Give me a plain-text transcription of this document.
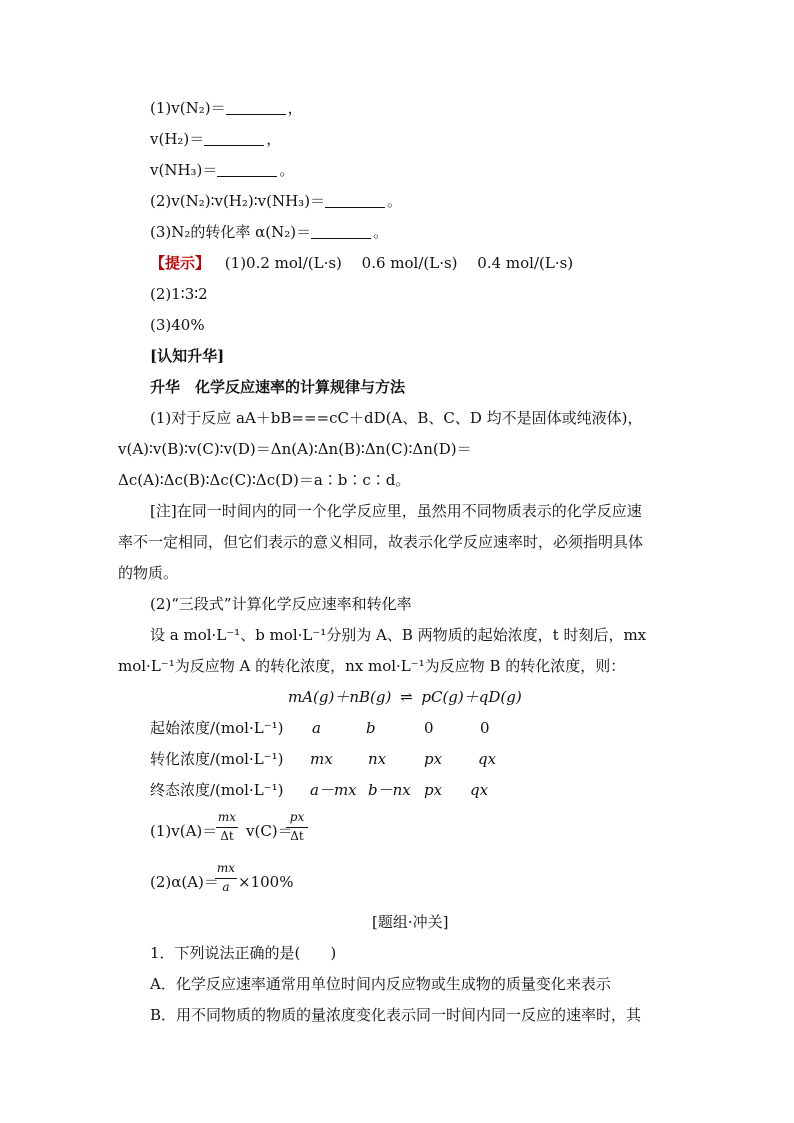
(1)v(N₂)＝	，
v(H₂)＝	，
v(NH₃)＝	。
(2)v(N₂)∶v(H₂)∶v(NH₃)＝	。
(3)N₂的转化率 α(N₂)＝	。
【提示】 (1)0.2 mol/(L·s)　 0.6 mol/(L·s)　 0.4 mol/(L·s)
(2)1∶3∶2
(3)40%
[认知升华]
升华　化学反应速率的计算规律与方法
(1)对于反应 aA＋bB===cC＋dD(A、B、C、D 均不是固体或纯液体)，
v(A)∶v(B)∶v(C)∶v(D)＝Δn(A)∶Δn(B)∶Δn(C)∶Δn(D)＝
Δc(A)∶Δc(B)∶Δc(C)∶Δc(D)＝a∶b∶c∶d。
[注]在同一时间内的同一个化学反应里，虽然用不同物质表示的化学反应速
率不一定相同，但它们表示的意义相同，故表示化学反应速率时，必须指明具体
的物质。
(2)“三段式”计算化学反应速率和转化率
设 a mol·L⁻¹、b mol·L⁻¹分别为 A、B 两物质的起始浓度，t 时刻后，mx
mol·L⁻¹为反应物 A 的转化浓度，nx mol·L⁻¹为反应物 B 的转化浓度，则：
mA(g)＋nB(g) ⇌ pC(g)＋qD(g)
起始浓度/(mol·L⁻¹) a	b	0	0
转化浓度/(mol·L⁻¹) mx nx	px qx
终态浓度/(mol·L⁻¹) a－mx b－nx px qx
(1)v(A)＝
mx
Δt v(C)＝
px
Δt
(2)α(A)＝
mx
a ×100%
[题组·冲关]
1．下列说法正确的是(　　)
A．化学反应速率通常用单位时间内反应物或生成物的质量变化来表示
B．用不同物质的物质的量浓度变化表示同一时间内同一反应的速率时，其
